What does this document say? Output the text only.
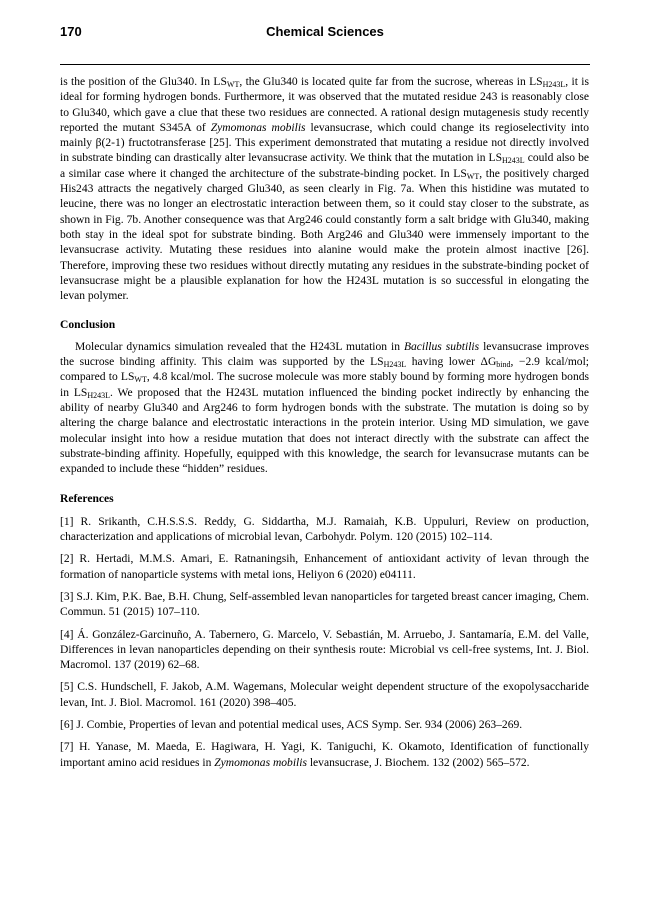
170	Chemical Sciences

is the position of the Glu340. In $LS_{WT}$, the Glu340 is located quite far from the sucrose, whereas in $LS_{H243L}$, it is ideal for forming hydrogen bonds. Furthermore, it was observed that the mutated residue 243 is reasonably close to Glu340, which gave a clue that these two residues are connected. A rational design mutagenesis study recently reported the mutant S345A of Zymomonas mobilis levansucrase, which could change its regioselectivity into mainly β(2-1) fructotransferase [25]. This experiment demonstrated that mutating a residue not directly involved in substrate binding can drastically alter levansucrase activity. We think that the mutation in $LS_{H243L}$ could also be a similar case where it changed the architecture of the substrate-binding pocket. In $LS_{WT}$, the positively charged His243 attracts the negatively charged Glu340, as seen clearly in Fig. 7a. When this histidine was mutated to leucine, there was no longer an electrostatic interaction between them, so it could stay closer to the substrate, as shown in Fig. 7b. Another consequence was that Arg246 could constantly form a salt bridge with Glu340, making both stay in the ideal spot for substrate binding. Both Arg246 and Glu340 were immensely important to the levansucrase activity. Mutating these residues into alanine would make the protein almost inactive [26]. Therefore, improving these two residues without directly mutating any residues in the substrate-binding pocket of levansucrase might be a plausible explanation for how the H243L mutation is so successful in elongating the levan polymer.

Conclusion

Molecular dynamics simulation revealed that the H243L mutation in Bacillus subtilis levansucrase improves the sucrose binding affinity. This claim was supported by the $LS_{H243L}$ having lower $\Delta G_{bind}$, −2.9 kcal/mol; compared to $LS_{WT}$, 4.8 kcal/mol. The sucrose molecule was more stably bound by forming more hydrogen bonds in $LS_{H243L}$. We proposed that the H243L mutation influenced the binding pocket indirectly by enhancing the ability of nearby Glu340 and Arg246 to form hydrogen bonds with the substrate. The mutation is doing so by altering the charge balance and electrostatic interactions in the protein interior. Using MD simulation, we gave molecular insight into how a residue mutation that does not interact directly with the substrate can affect the substrate-binding affinity. Hopefully, equipped with this knowledge, the search for levansucrase mutants can be expanded to include these “hidden” residues.

References

[1] R. Srikanth, C.H.S.S.S. Reddy, G. Siddartha, M.J. Ramaiah, K.B. Uppuluri, Review on production, characterization and applications of microbial levan, Carbohydr. Polym. 120 (2015) 102–114.

[2] R. Hertadi, M.M.S. Amari, E. Ratnaningsih, Enhancement of antioxidant activity of levan through the formation of nanoparticle systems with metal ions, Heliyon 6 (2020) e04111.

[3] S.J. Kim, P.K. Bae, B.H. Chung, Self-assembled levan nanoparticles for targeted breast cancer imaging, Chem. Commun. 51 (2015) 107–110.

[4] Á. González-Garcinuño, A. Tabernero, G. Marcelo, V. Sebastián, M. Arruebo, J. Santamaría, E.M. del Valle, Differences in levan nanoparticles depending on their synthesis route: Microbial vs cell-free systems, Int. J. Biol. Macromol. 137 (2019) 62–68.

[5] C.S. Hundschell, F. Jakob, A.M. Wagemans, Molecular weight dependent structure of the exopolysaccharide levan, Int. J. Biol. Macromol. 161 (2020) 398–405.

[6] J. Combie, Properties of levan and potential medical uses, ACS Symp. Ser. 934 (2006) 263–269.

[7] H. Yanase, M. Maeda, E. Hagiwara, H. Yagi, K. Taniguchi, K. Okamoto, Identification of functionally important amino acid residues in Zymomonas mobilis levansucrase, J. Biochem. 132 (2002) 565–572.
